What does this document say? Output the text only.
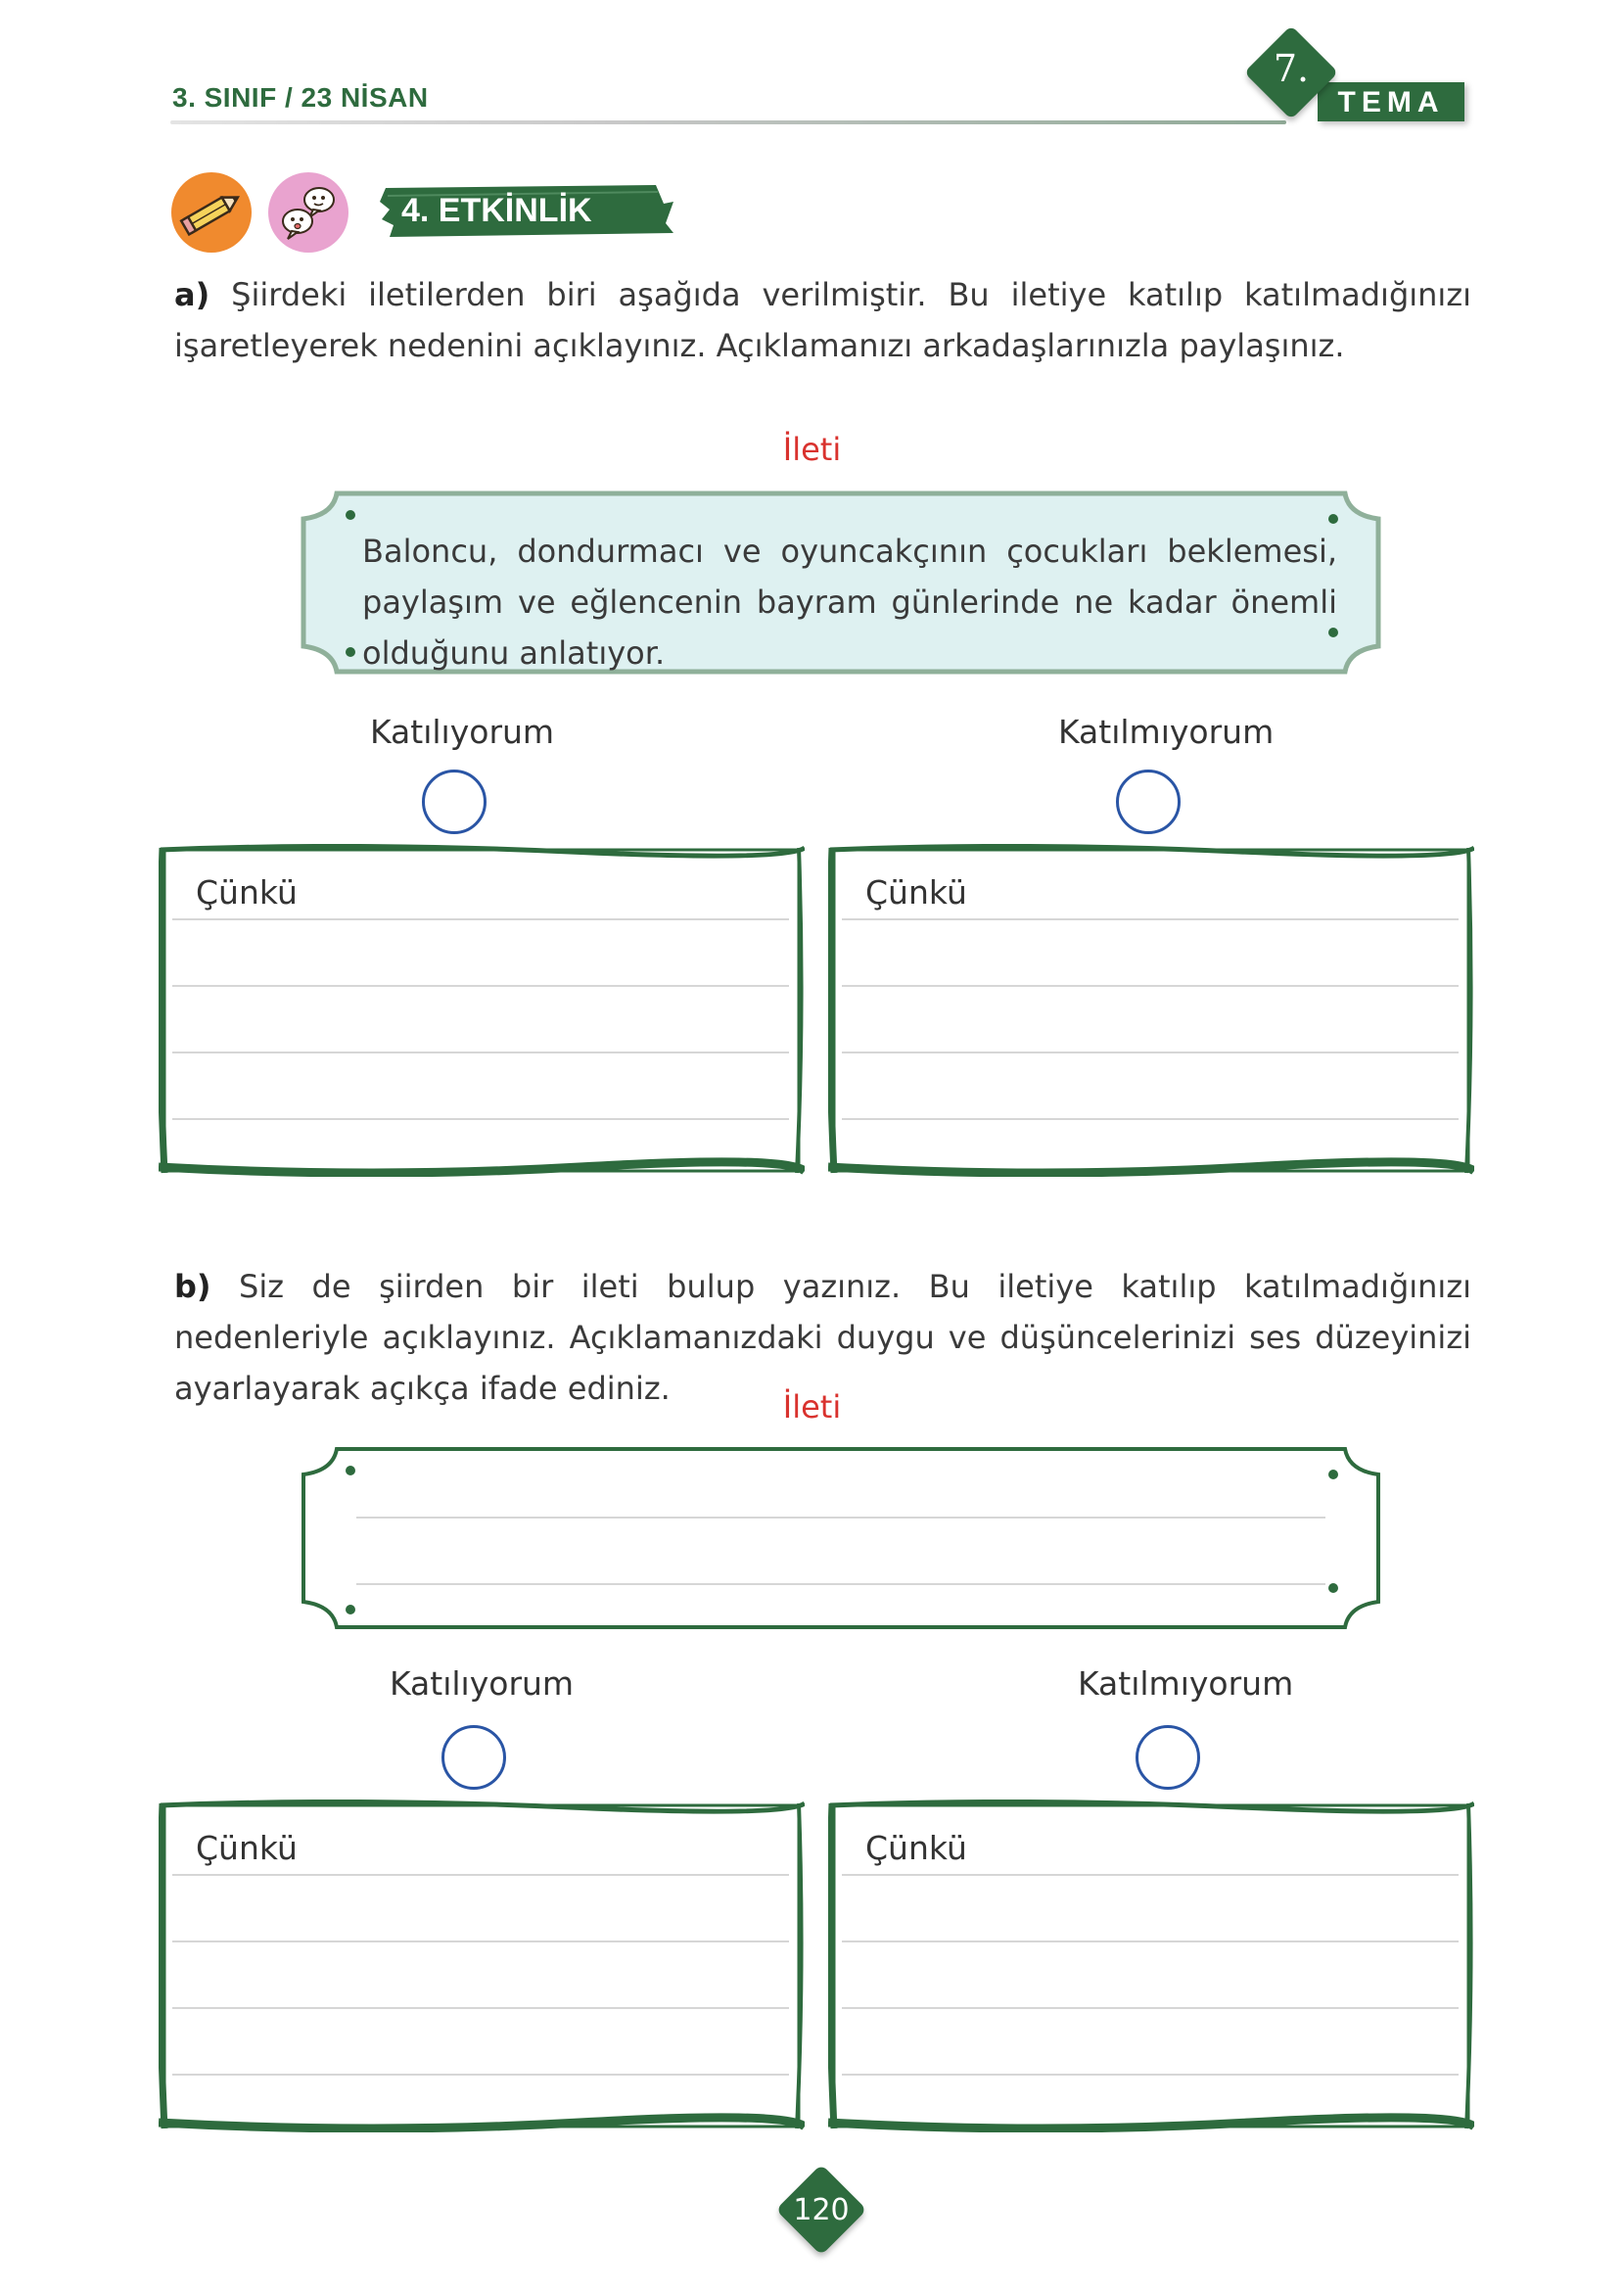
3. SINIF / 23 NİSAN	TEMA
7.
4. ETKİNLİK
a) Şiirdeki iletilerden biri aşağıda verilmiştir. Bu iletiye katılıp katılmadığınızı işaretleyerek nedenini açıklayınız. Açıklamanızı arkadaşlarınızla paylaşınız.
İleti
Baloncu, dondurmacı ve oyuncakçının çocukları beklemesi, paylaşım ve eğlencenin bayram günlerinde ne kadar önemli olduğunu anlatıyor.
Katılıyorum	Katılmıyorum
Çünkü	Çünkü
b) Siz de şiirden bir ileti bulup yazınız. Bu iletiye katılıp katılmadığınızı nedenleriyle açıklayınız. Açıklamanızdaki duygu ve düşüncelerinizi ses düzeyinizi ayarlayarak açıkça ifade ediniz.	İleti
Katılıyorum	Katılmıyorum
Çünkü	Çünkü
120
